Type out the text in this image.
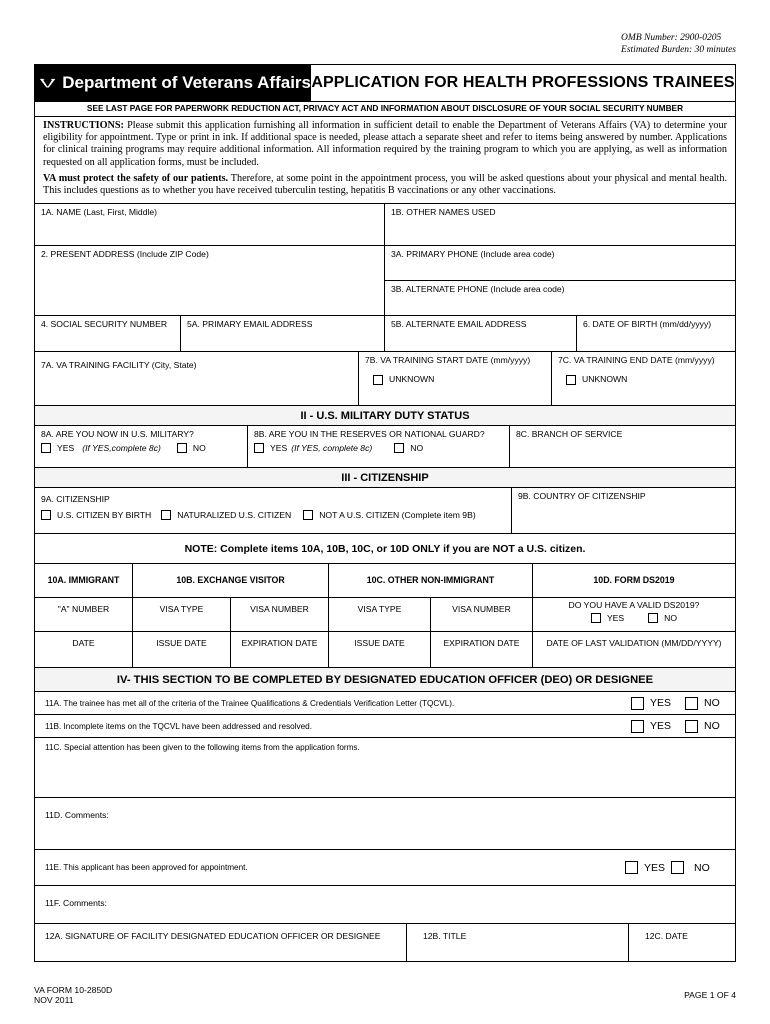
OMB Number: 2900-0205
Estimated Burden: 30 minutes
Department of Veterans Affairs APPLICATION FOR HEALTH PROFESSIONS TRAINEES
SEE LAST PAGE FOR PAPERWORK REDUCTION ACT, PRIVACY ACT AND INFORMATION ABOUT DISCLOSURE OF YOUR SOCIAL SECURITY NUMBER

INSTRUCTIONS: Please submit this application furnishing all information in sufficient detail to enable the Department of Veterans Affairs (VA) to determine your eligibility for appointment. Type or print in ink. If additional space is needed, please attach a separate sheet and refer to items being answered by number. Applications for clinical training programs may require additional information. All information required by the training program to which you are applying, as well as information requested on all application forms, must be included.

VA must protect the safety of our patients. Therefore, at some point in the appointment process, you will be asked questions about your physical and mental health. This includes questions as to whether you have received tuberculin testing, hepatitis B vaccinations or any other vaccinations.

1A. NAME (Last, First, Middle)	1B. OTHER NAMES USED
2. PRESENT ADDRESS (Include ZIP Code)	3A. PRIMARY PHONE (Include area code)
3B. ALTERNATE PHONE (Include area code)
4. SOCIAL SECURITY NUMBER	5A. PRIMARY EMAIL ADDRESS	5B. ALTERNATE EMAIL ADDRESS	6. DATE OF BIRTH (mm/dd/yyyy)
7A. VA TRAINING FACILITY (City, State)	7B. VA TRAINING START DATE (mm/yyyy)
UNKNOWN
7C. VA TRAINING END DATE (mm/yyyy)
UNKNOWN
II - U.S. MILITARY DUTY STATUS
8A. ARE YOU NOW IN U.S. MILITARY?
YES (If YES,complete 8c)	NO
8B. ARE YOU IN THE RESERVES OR NATIONAL GUARD?
YES (If YES, complete 8c)	NO
8C. BRANCH OF SERVICE
III - CITIZENSHIP
9A. CITIZENSHIP
U.S. CITIZEN BY BIRTH	NATURALIZED U.S. CITIZEN	NOT A U.S. CITIZEN (Complete item 9B)
9B. COUNTRY OF CITIZENSHIP
NOTE: Complete items 10A, 10B, 10C, or 10D ONLY if you are NOT a U.S. citizen.
10A. IMMIGRANT	10B. EXCHANGE VISITOR	10C. OTHER NON-IMMIGRANT	10D. FORM DS2019
"A" NUMBER	VISA TYPE	VISA NUMBER	VISA TYPE	VISA NUMBER	DO YOU HAVE A VALID DS2019?
YES	NO
DATE	ISSUE DATE	EXPIRATION DATE	ISSUE DATE	EXPIRATION DATE	DATE OF LAST VALIDATION (MM/DD/YYYY)
IV- THIS SECTION TO BE COMPLETED BY DESIGNATED EDUCATION OFFICER (DEO) OR DESIGNEE
11A. The trainee has met all of the criteria of the Trainee Qualifications & Credentials Verification Letter (TQCVL).	YES	NO
11B. Incomplete items on the TQCVL have been addressed and resolved.	YES	NO
11C. Special attention has been given to the following items from the application forms.
11D. Comments:
11E. This applicant has been approved for appointment.	YES	NO
11F. Comments:
12A. SIGNATURE OF FACILITY DESIGNATED EDUCATION OFFICER OR DESIGNEE	12B. TITLE	12C. DATE
VA FORM 10-2850D
NOV 2011	PAGE 1 OF 4
